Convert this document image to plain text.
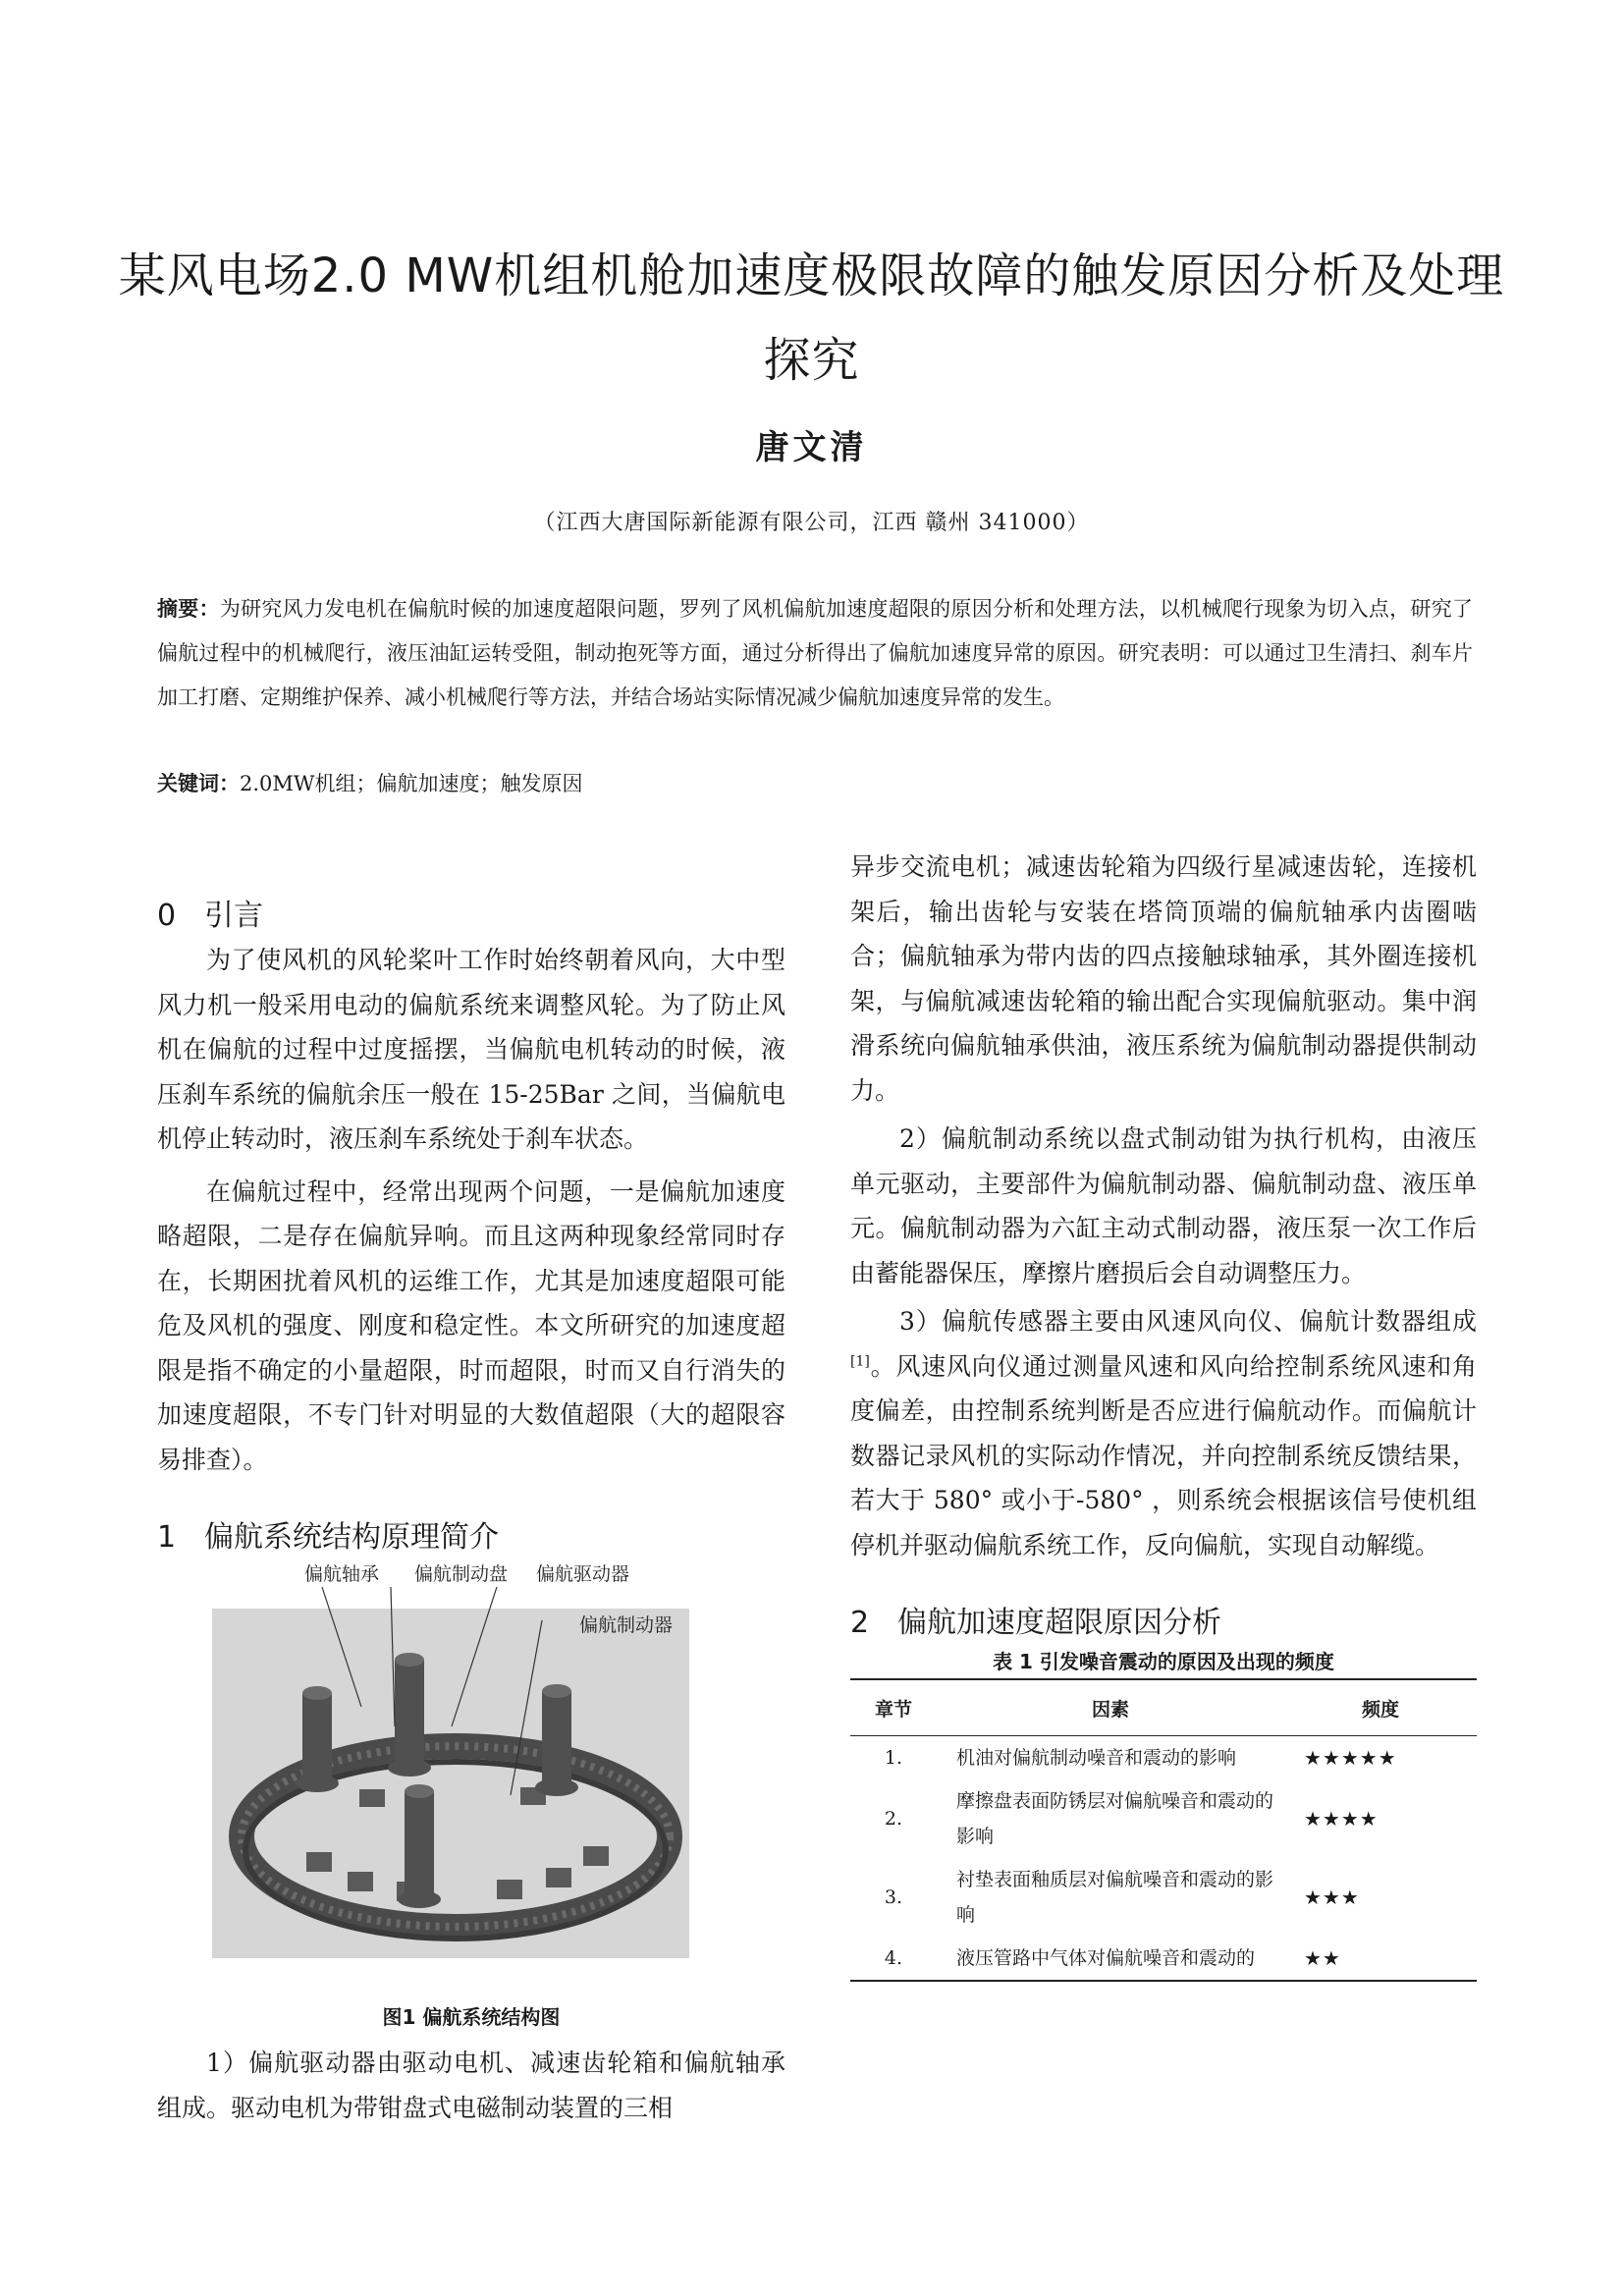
某风电场2.0 MW机组机舱加速度极限故障的触发原因分析及处理探究
唐文清
（江西大唐国际新能源有限公司，江西 赣州 341000）
摘要：为研究风力发电机在偏航时候的加速度超限问题，罗列了风机偏航加速度超限的原因分析和处理方法，以机械爬行现象为切入点，研究了偏航过程中的机械爬行，液压油缸运转受阻，制动抱死等方面，通过分析得出了偏航加速度异常的原因。研究表明：可以通过卫生清扫、刹车片加工打磨、定期维护保养、减小机械爬行等方法，并结合场站实际情况减少偏航加速度异常的发生。
关键词：2.0MW机组；偏航加速度；触发原因
0 引言

为了使风机的风轮桨叶工作时始终朝着风向，大中型风力机一般采用电动的偏航系统来调整风轮。为了防止风机在偏航的过程中过度摇摆，当偏航电机转动的时候，液压刹车系统的偏航余压一般在 15-25Bar 之间，当偏航电机停止转动时，液压刹车系统处于刹车状态。

在偏航过程中，经常出现两个问题，一是偏航加速度略超限，二是存在偏航异响。而且这两种现象经常同时存在，长期困扰着风机的运维工作，尤其是加速度超限可能危及风机的强度、刚度和稳定性。本文所研究的加速度超限是指不确定的小量超限，时而超限，时而又自行消失的加速度超限，不专门针对明显的大数值超限（大的超限容易排查）。

1 偏航系统结构原理简介
偏航轴承 偏航制动盘 偏航驱动器
偏航制动器
图1 偏航系统结构图

1）偏航驱动器由驱动电机、减速齿轮箱和偏航轴承组成。驱动电机为带钳盘式电磁制动装置的三相

异步交流电机；减速齿轮箱为四级行星减速齿轮，连接机架后，输出齿轮与安装在塔筒顶端的偏航轴承内齿圈啮合；偏航轴承为带内齿的四点接触球轴承，其外圈连接机架，与偏航减速齿轮箱的输出配合实现偏航驱动。集中润滑系统向偏航轴承供油，液压系统为偏航制动器提供制动力。

2）偏航制动系统以盘式制动钳为执行机构，由液压单元驱动，主要部件为偏航制动器、偏航制动盘、液压单元。偏航制动器为六缸主动式制动器，液压泵一次工作后由蓄能器保压，摩擦片磨损后会自动调整压力。

3）偏航传感器主要由风速风向仪、偏航计数器组成[1]。风速风向仪通过测量风速和风向给控制系统风速和角度偏差，由控制系统判断是否应进行偏航动作。而偏航计数器记录风机的实际动作情况，并向控制系统反馈结果，若大于 580° 或小于-580° ，则系统会根据该信号使机组停机并驱动偏航系统工作，反向偏航，实现自动解缆。

2 偏航加速度超限原因分析
表 1 引发噪音震动的原因及出现的频度
章节	因素	频度
1.	机油对偏航制动噪音和震动的影响	★★★★★
2.	摩擦盘表面防锈层对偏航噪音和震动的影响	★★★★
3.	衬垫表面釉质层对偏航噪音和震动的影响	★★★
4.	液压管路中气体对偏航噪音和震动的	★★
